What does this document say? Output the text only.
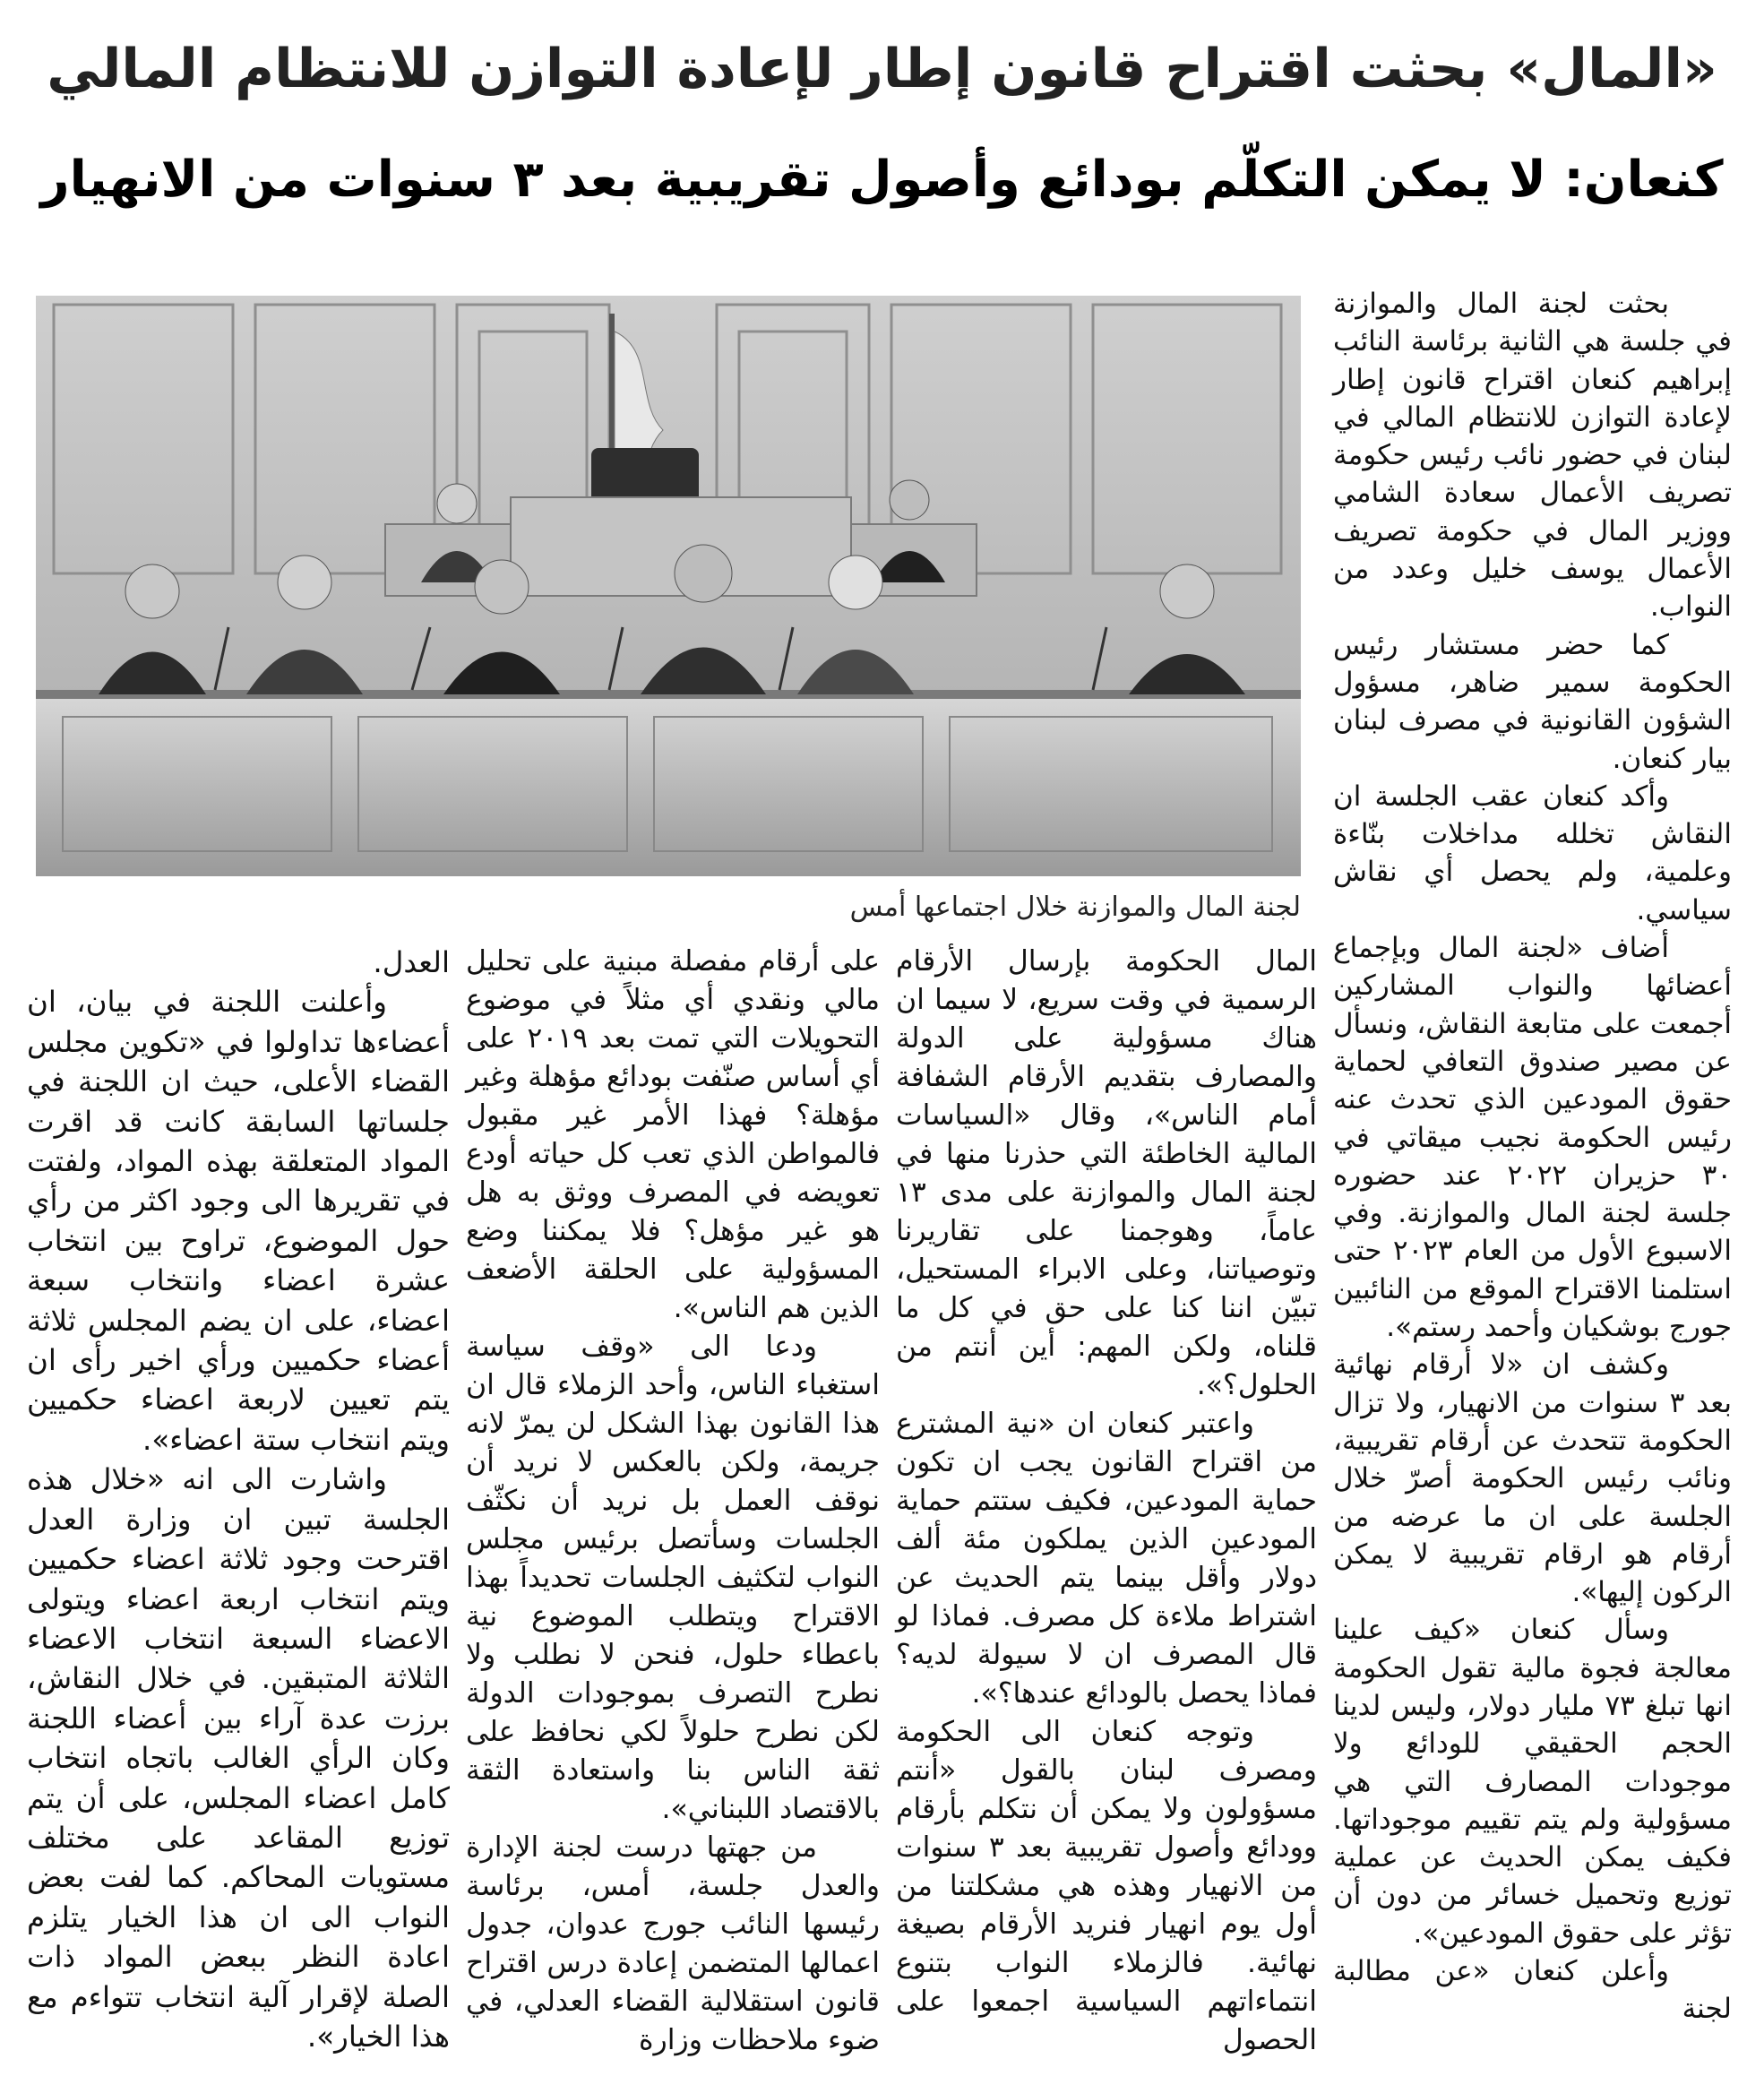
«المال» بحثت اقتراح قانون إطار لإعادة التوازن للانتظام المالي
كنعان: لا يمكن التكلّم بودائع وأصول تقريبية بعد ٣ سنوات من الانهيار

بحثت لجنة المال والموازنة في جلسة هي الثانية برئاسة النائب إبراهيم كنعان اقتراح قانون إطار لإعادة التوازن للانتظام المالي في لبنان في حضور نائب رئيس حكومة تصريف الأعمال سعادة الشامي ووزير المال في حكومة تصريف الأعمال يوسف خليل وعدد من النواب.

كما حضر مستشار رئيس الحكومة سمير ضاهر، مسؤول الشؤون القانونية في مصرف لبنان بيار كنعان.

وأكد كنعان عقب الجلسة ان النقاش تخلله مداخلات بنّاءة وعلمية، ولم يحصل أي نقاش سياسي.

أضاف «لجنة المال وبإجماع أعضائها والنواب المشاركين أجمعت على متابعة النقاش، ونسأل عن مصير صندوق التعافي لحماية حقوق المودعين الذي تحدث عنه رئيس الحكومة نجيب ميقاتي في ٣٠ حزيران ٢٠٢٢ عند حضوره جلسة لجنة المال والموازنة. وفي الاسبوع الأول من العام ٢٠٢٣ حتى استلمنا الاقتراح الموقع من النائبين جورج بوشكيان وأحمد رستم».

وكشف ان «لا أرقام نهائية بعد ٣ سنوات من الانهيار، ولا تزال الحكومة تتحدث عن أرقام تقريبية، ونائب رئيس الحكومة أصرّ خلال الجلسة على ان ما عرضه من أرقام هو ارقام تقريبية لا يمكن الركون إليها».

وسأل كنعان «كيف علينا معالجة فجوة مالية تقول الحكومة انها تبلغ ٧٣ مليار دولار، وليس لدينا الحجم الحقيقي للودائع ولا موجودات المصارف التي هي مسؤولية ولم يتم تقييم موجوداتها. فكيف يمكن الحديث عن عملية توزيع وتحميل خسائر من دون أن تؤثر على حقوق المودعين».

وأعلن كنعان «عن مطالبة لجنة

لجنة المال والموازنة خلال اجتماعها أمس

المال الحكومة بإرسال الأرقام الرسمية في وقت سريع، لا سيما ان هناك مسؤولية على الدولة والمصارف بتقديم الأرقام الشفافة أمام الناس»، وقال «السياسات المالية الخاطئة التي حذرنا منها في لجنة المال والموازنة على مدى ١٣ عاماً، وهوجمنا على تقاريرنا وتوصياتنا، وعلى الابراء المستحيل، تبيّن اننا كنا على حق في كل ما قلناه، ولكن المهم: أين أنتم من الحلول؟».

واعتبر كنعان ان «نية المشترع من اقتراح القانون يجب ان تكون حماية المودعين، فكيف ستتم حماية المودعين الذين يملكون مئة ألف دولار وأقل بينما يتم الحديث عن اشتراط ملاءة كل مصرف. فماذا لو قال المصرف ان لا سيولة لديه؟ فماذا يحصل بالودائع عندها؟».

وتوجه كنعان الى الحكومة ومصرف لبنان بالقول «أنتم مسؤولون ولا يمكن أن نتكلم بأرقام وودائع وأصول تقريبية بعد ٣ سنوات من الانهيار وهذه هي مشكلتنا من أول يوم انهيار فنريد الأرقام بصيغة نهائية. فالزملاء النواب بتنوع انتماءاتهم السياسية اجمعوا على الحصول

على أرقام مفصلة مبنية على تحليل مالي ونقدي أي مثلاً في موضوع التحويلات التي تمت بعد ٢٠١٩ على أي أساس صنّفت بودائع مؤهلة وغير مؤهلة؟ فهذا الأمر غير مقبول فالمواطن الذي تعب كل حياته أودع تعويضه في المصرف ووثق به هل هو غير مؤهل؟ فلا يمكننا وضع المسؤولية على الحلقة الأضعف الذين هم الناس».

ودعا الى «وقف سياسة استغباء الناس، وأحد الزملاء قال ان هذا القانون بهذا الشكل لن يمرّ لانه جريمة، ولكن بالعكس لا نريد أن نوقف العمل بل نريد أن نكثّف الجلسات وسأتصل برئيس مجلس النواب لتكثيف الجلسات تحديداً بهذا الاقتراح ويتطلب الموضوع نية باعطاء حلول، فنحن لا نطلب ولا نطرح التصرف بموجودات الدولة لكن نطرح حلولاً لكي نحافظ على ثقة الناس بنا واستعادة الثقة بالاقتصاد اللبناني».

من جهتها درست لجنة الإدارة والعدل جلسة، أمس، برئاسة رئيسها النائب جورج عدوان، جدول اعمالها المتضمن إعادة درس اقتراح قانون استقلالية القضاء العدلي، في ضوء ملاحظات وزارة

العدل.

وأعلنت اللجنة في بيان، ان أعضاءها تداولوا في «تكوين مجلس القضاء الأعلى، حيث ان اللجنة في جلساتها السابقة كانت قد اقرت المواد المتعلقة بهذه المواد، ولفتت في تقريرها الى وجود اكثر من رأي حول الموضوع، تراوح بين انتخاب عشرة اعضاء وانتخاب سبعة اعضاء، على ان يضم المجلس ثلاثة أعضاء حكميين ورأي اخير رأى ان يتم تعيين لاربعة اعضاء حكميين ويتم انتخاب ستة اعضاء».

واشارت الى انه «خلال هذه الجلسة تبين ان وزارة العدل اقترحت وجود ثلاثة اعضاء حكميين ويتم انتخاب اربعة اعضاء ويتولى الاعضاء السبعة انتخاب الاعضاء الثلاثة المتبقين. في خلال النقاش، برزت عدة آراء بين أعضاء اللجنة وكان الرأي الغالب باتجاه انتخاب كامل اعضاء المجلس، على أن يتم توزيع المقاعد على مختلف مستويات المحاكم. كما لفت بعض النواب الى ان هذا الخيار يتلزم اعادة النظر ببعض المواد ذات الصلة لإقرار آلية انتخاب تتواءم مع هذا الخيار».
